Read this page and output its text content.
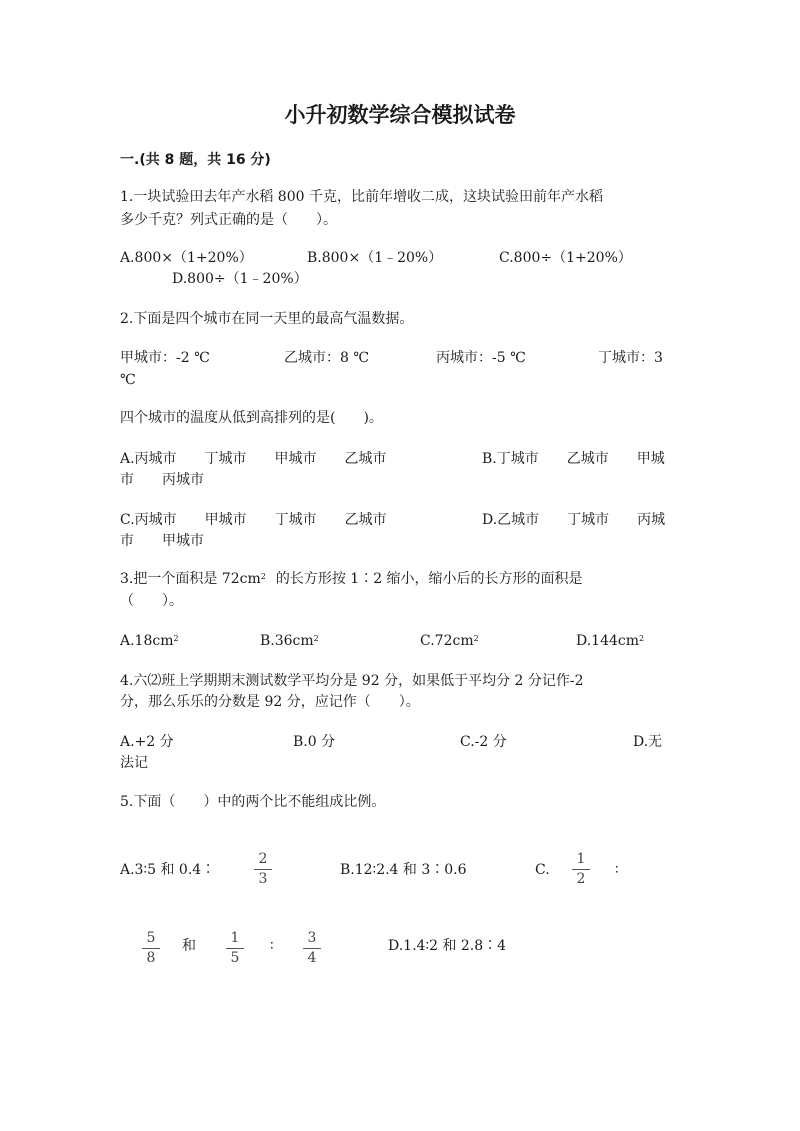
小升初数学综合模拟试卷
一.(共 8 题，共 16 分)
1.一块试验田去年产水稻 800 千克，比前年增收二成，这块试验田前年产水稻
多少千克？列式正确的是（　　）。
A.800×（1+20%）	B.800×（1﹣20%）	C.800÷（1+20%）
D.800÷（1﹣20%）
2.下面是四个城市在同一天里的最高气温数据。
甲城市：-2 ℃	乙城市：8 ℃	丙城市：-5 ℃	丁城市：3
℃
四个城市的温度从低到高排列的是(　　)。
A.丙城市　　丁城市　　甲城市　　乙城市	B.丁城市　　乙城市　　甲城
市　　丙城市
C.丙城市　　甲城市　　丁城市　　乙城市	D.乙城市　　丁城市　　丙城
市　　甲城市
3.把一个面积是 $72cm^2$ 的长方形按 1∶2 缩小，缩小后的长方形的面积是
（　　）。
$A.18cm^2$	$B.36cm^2$	$C.72cm^2$	$D.144cm^2$
4.六⑵班上学期期末测试数学平均分是 92 分，如果低于平均分 2 分记作-2
分，那么乐乐的分数是 92 分，应记作（　　）。
A.+2 分	B.0 分	C.-2 分	D.无
法记
5.下面（　　）中的两个比不能组成比例。
A.3∶5 和 0.4∶
2
3
B.12∶2.4 和 3∶0.6	C.
1
2
∶
5
8
和	1
5
∶	3
4
D.1.4∶2 和 2.8∶4
